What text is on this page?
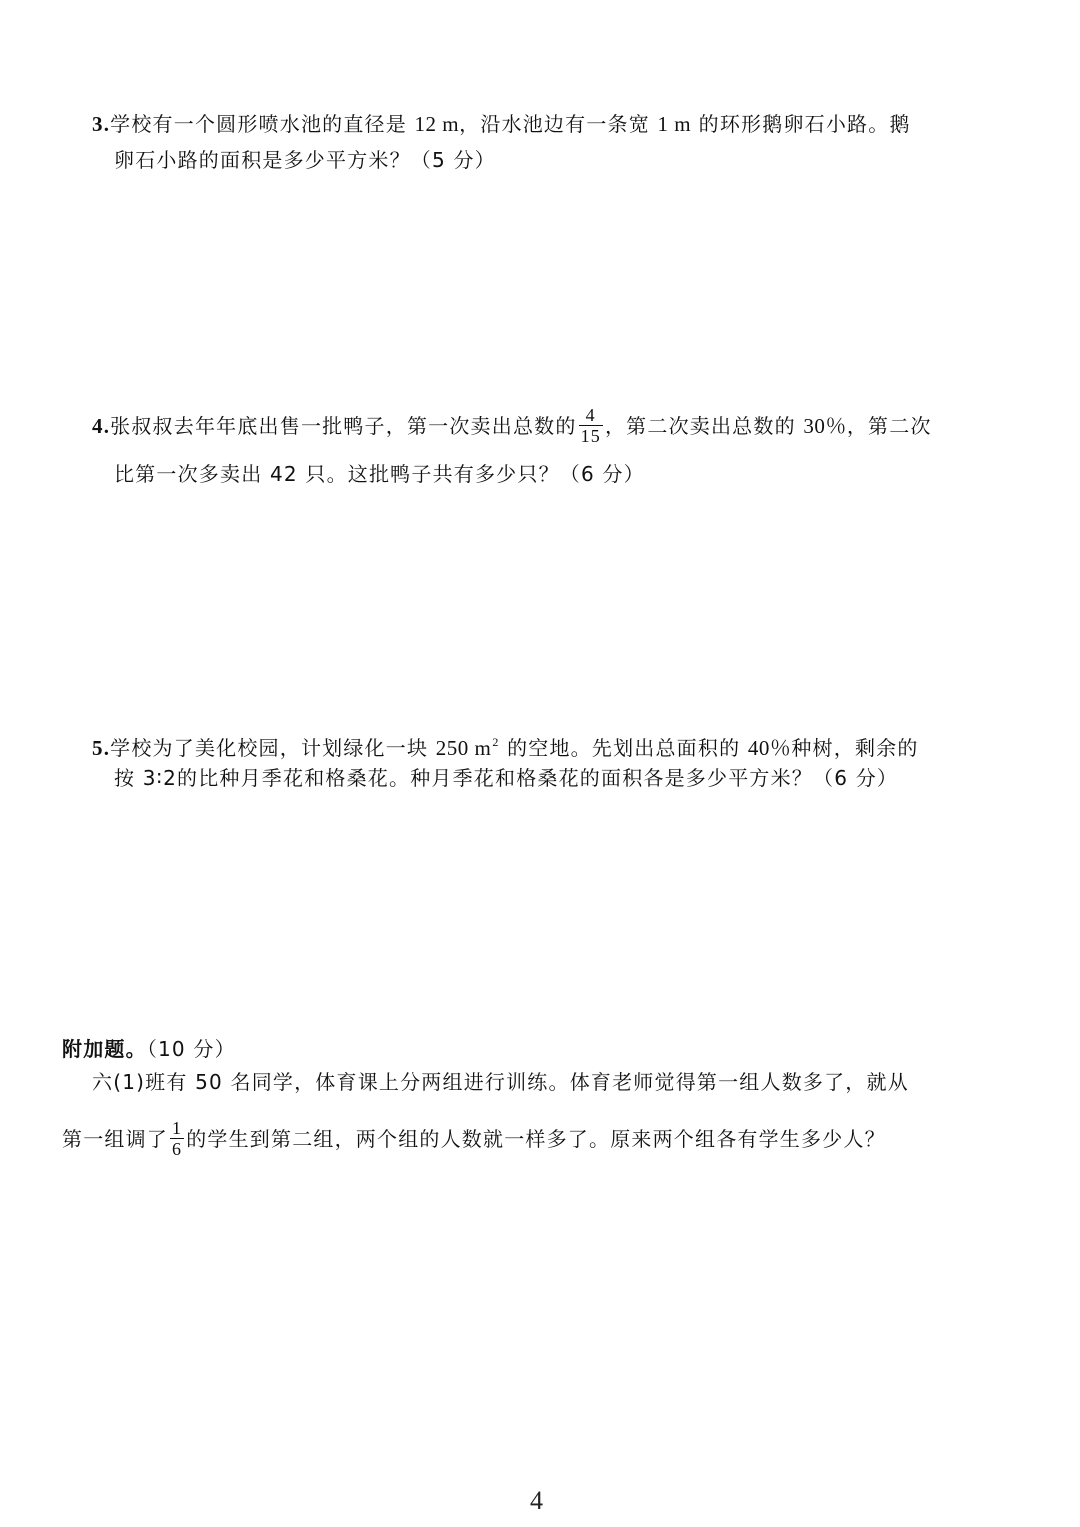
3.学校有一个圆形喷水池的直径是 12 m，沿水池边有一条宽 1 m 的环形鹅卵石小路。鹅
卵石小路的面积是多少平方米？（5 分）
4.张叔叔去年年底出售一批鸭子，第一次卖出总数的 $\frac{4}{15}$ ，第二次卖出总数的 30％，第二次
比第一次多卖出 42 只。这批鸭子共有多少只？（6 分）
5.学校为了美化校园，计划绿化一块 250 $m^2$ 的空地。先划出总面积的 40％种树，剩余的
按 3∶2的比种月季花和格桑花。种月季花和格桑花的面积各是多少平方米？（6 分）
附加题。（10 分）
六(1)班有 50 名同学，体育课上分两组进行训练。体育老师觉得第一组人数多了，就从
第一组调了 $\frac{1}{6}$ 的学生到第二组，两个组的人数就一样多了。原来两个组各有学生多少人？
4
